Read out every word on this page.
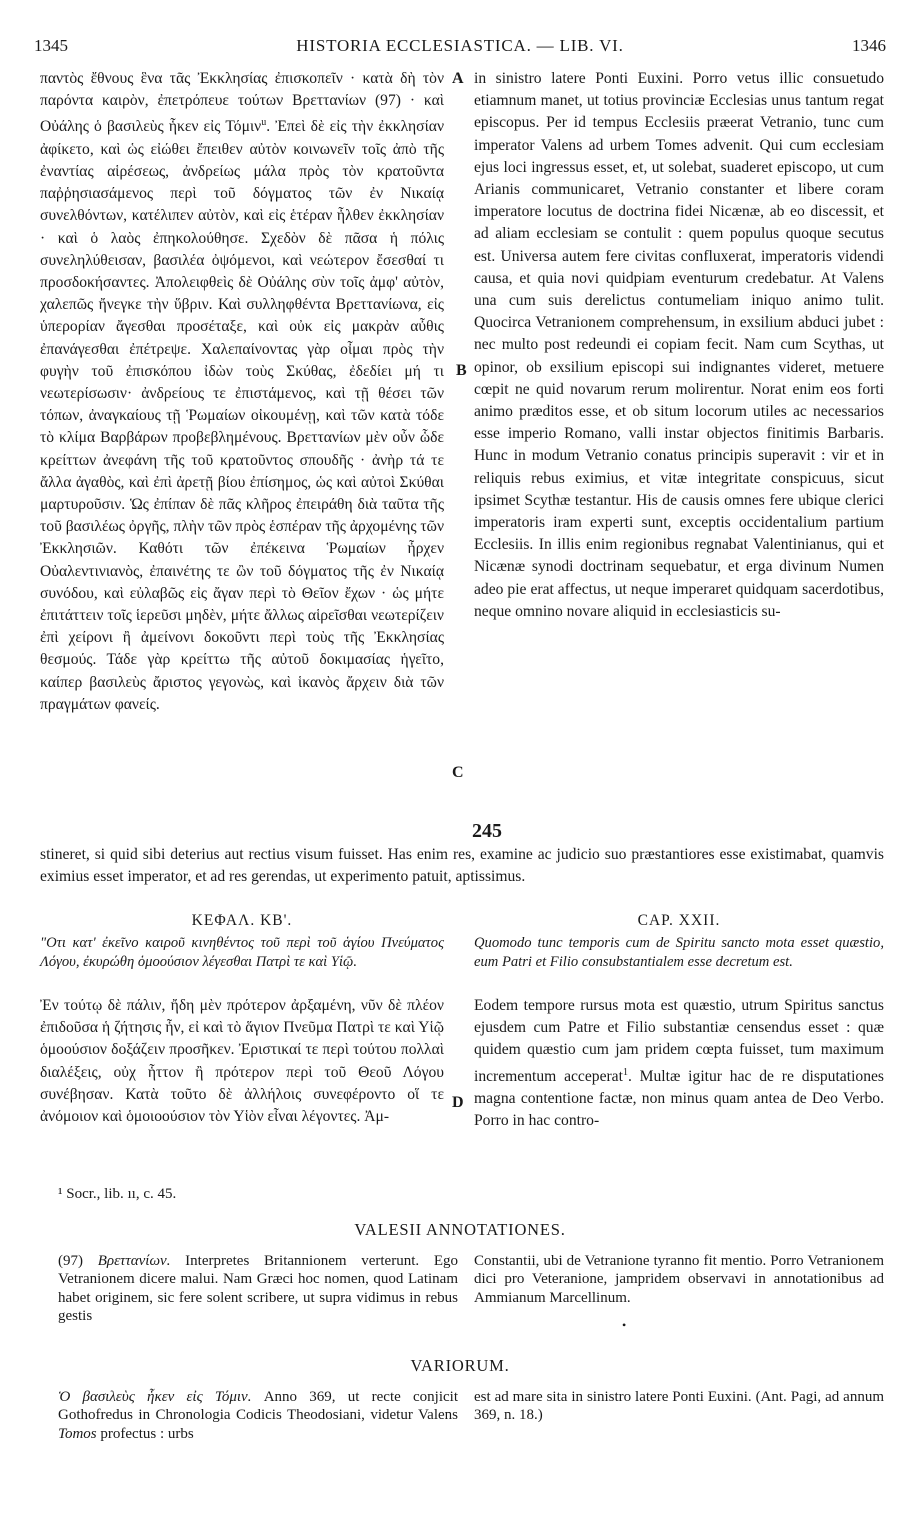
1345	HISTORIA ECCLESIASTICA. — LIB. VI.	1346

παντὸς ἔθνους ἓνα τᾶς Ἐκκλησίας ἐπισκοπεῖν · κατὰ δὴ τὸν παρόντα καιρὸν, ἐπετρόπευε τούτων Βρεττανίων (97) · καὶ Οὐάλης ὁ βασιλεὺς ἧκεν εἰς Τόμιν$^u$. Ἐπεὶ δὲ εἰς τὴν ἐκκλησίαν ἀφίκετο, καὶ ὡς εἰώθει ἔπειθεν αὐτὸν κοινωνεῖν τοῖς ἀπὸ τῆς ἐναντίας αἱρέσεως, ἀνδρείως μάλα πρὸς τὸν κρατοῦντα παῤῥησιασάμενος περὶ τοῦ δόγματος τῶν ἐν Νικαίᾳ συνελθόντων, κατέλιπεν αὐτὸν, καὶ εἰς ἑτέραν ἦλθεν ἐκκλησίαν · καὶ ὁ λαὸς ἐπηκολούθησε. Σχεδὸν δὲ πᾶσα ἡ πόλις συνεληλύθεισαν, βασιλέα ὀψόμενοι, καὶ νεώτερον ἔσεσθαί τι προσδοκήσαντες. Ἀπολειφθεὶς δὲ Οὐάλης σὺν τοῖς ἀμφ' αὐτὸν, χαλεπῶς ἤνεγκε τὴν ὕβριν. Καὶ συλληφθέντα Βρεττανίωνα, εἰς ὑπερορίαν ἄγεσθαι προσέταξε, καὶ οὐκ εἰς μακρὰν αὖθις ἐπανάγεσθαι ἐπέτρεψε. Χαλεπαίνοντας γὰρ οἶμαι πρὸς τὴν φυγὴν τοῦ ἐπισκόπου ἰδὼν τοὺς Σκύθας, ἐδεδίει μή τι νεωτερίσωσιν· ἀνδρείους τε ἐπιστάμενος, καὶ τῇ θέσει τῶν τόπων, ἀναγκαίους τῇ Ῥωμαίων οἰκουμένῃ, καὶ τῶν κατὰ τόδε τὸ κλίμα Βαρβάρων προβεβλημένους. Βρεττανίων μὲν οὖν ὧδε κρείττων ἀνεφάνη τῆς τοῦ κρατοῦντος σπουδῆς · ἀνὴρ τά τε ἄλλα ἀγαθὸς, καὶ ἐπὶ ἀρετῇ βίου ἐπίσημος, ὡς καὶ αὐτοὶ Σκύθαι μαρτυροῦσιν. Ὡς ἐπίπαν δὲ πᾶς κλῆρος ἐπειράθη διὰ ταῦτα τῆς τοῦ βασιλέως ὀργῆς, πλὴν τῶν πρὸς ἑσπέραν τῆς ἀρχομένης τῶν Ἐκκλησιῶν. Καθότι τῶν ἐπέκεινα Ῥωμαίων ἦρχεν Οὐαλεντινιανὸς, ἐπαινέτης τε ὢν τοῦ δόγματος τῆς ἐν Νικαίᾳ συνόδου, καὶ εὐλαβῶς εἰς ἄγαν περὶ τὸ Θεῖον ἔχων · ὡς μήτε ἐπιτάττειν τοῖς ἱερεῦσι μηδὲν, μήτε ἄλλως αἱρεῖσθαι νεωτερίζειν ἐπὶ χείρονι ἢ ἀμείνονι δοκοῦντι περὶ τοὺς τῆς Ἐκκλησίας θεσμούς. Τάδε γὰρ κρείττω τῆς αὐτοῦ δοκιμασίας ἡγεῖτο, καίπερ βασιλεὺς ἄριστος γεγονὼς, καὶ ἱκανὸς ἄρχειν διὰ τῶν πραγμάτων φανείς.

A
B
C
D

in sinistro latere Ponti Euxini. Porro vetus illic consuetudo etiamnum manet, ut totius provinciæ Ecclesias unus tantum regat episcopus. Per id tempus Ecclesiis præerat Vetranio, tunc cum imperator Valens ad urbem Tomes advenit. Qui cum ecclesiam ejus loci ingressus esset, et, ut solebat, suaderet episcopo, ut cum Arianis communicaret, Vetranio constanter et libere coram imperatore locutus de doctrina fidei Nicænæ, ab eo discessit, et ad aliam ecclesiam se contulit : quem populus quoque secutus est. Universa autem fere civitas confluxerat, imperatoris videndi causa, et quia novi quidpiam eventurum credebatur. At Valens una cum suis derelictus contumeliam iniquo animo tulit. Quocirca Vetranionem comprehensum, in exsilium abduci jubet : nec multo post redeundi ei copiam fecit. Nam cum Scythas, ut opinor, ob exsilium episcopi sui indignantes videret, metuere cœpit ne quid novarum rerum molirentur. Norat enim eos forti animo præditos esse, et ob situm locorum utiles ac necessarios esse imperio Romano, valli instar objectos finitimis Barbaris. Hunc in modum Vetranio conatus principis superavit : vir et in reliquis rebus eximius, et vitæ integritate conspicuus, sicut ipsimet Scythæ testantur. His de causis omnes fere ubique clerici imperatoris iram experti sunt, exceptis occidentalium partium Ecclesiis. In illis enim regionibus regnabat Valentinianus, qui et Nicænæ synodi doctrinam sequebatur, et erga divinum Numen adeo pie erat affectus, ut neque imperaret quidquam sacerdotibus, neque omnino novare aliquid in ecclesiasticis su-

245

stineret, si quid sibi deterius aut rectius visum fuisset. Has enim res, examine ac judicio suo præstantiores esse existimabat, quamvis eximius esset imperator, et ad res gerendas, ut experimento patuit, aptissimus.

ΚΕΦΑΛ. ΚΒ'.	CAP. XXII.
"Οτι κατ' ἐκεῖνο καιροῦ κινηθέντος τοῦ περὶ τοῦ ἁγίου Πνεύματος Λόγου, ἐκυρώθη ὁμοούσιον λέγεσθαι Πατρὶ τε καὶ Υἱῷ.
Quomodo tunc temporis cum de Spiritu sancto mota esset quæstio, eum Patri et Filio consubstantialem esse decretum est.

Ἐν τούτῳ δὲ πάλιν, ἤδη μὲν πρότερον ἀρξαμένη, νῦν δὲ πλέον ἐπιδοῦσα ἡ ζήτησις ἦν, εἰ καὶ τὸ ἅγιον Πνεῦμα Πατρὶ τε καὶ Υἱῷ ὁμοούσιον δοξάζειν προσῆκεν. Ἐριστικαί τε περὶ τούτου πολλαὶ διαλέξεις, οὐχ ἧττον ἢ πρότερον περὶ τοῦ Θεοῦ Λόγου συνέβησαν. Κατὰ τοῦτο δὲ ἀλλήλοις συνεφέροντο οἵ τε ἀνόμοιον καὶ ὁμοιοούσιον τὸν Υἱὸν εἶναι λέγοντες. Ἀμ-

Eodem tempore rursus mota est quæstio, utrum Spiritus sanctus ejusdem cum Patre et Filio substantiæ censendus esset : quæ quidem quæstio cum jam pridem cœpta fuisset, tum maximum incrementum acceperat$^1$. Multæ igitur hac de re disputationes magna contentione factæ, non minus quam antea de Deo Verbo. Porro in hac contro-

¹ Socr., lib. ıı, c. 45.
VALESII ANNOTATIONES.

(97) Βρεττανίων. Interpretes Britannionem verterunt. Ego Vetranionem dicere malui. Nam Græci hoc nomen, quod Latinam habet originem, sic fere solent scribere, ut supra vidimus in rebus gestis

Constantii, ubi de Vetranione tyranno fit mentio. Porro Vetranionem dici pro Veteranione, jampridem observavi in annotationibus ad Ammianum Marcellinum.

•
VARIORUM.

Ὁ βασιλεὺς ἧκεν εἰς Τόμιν. Anno 369, ut recte conjicit Gothofredus in Chronologia Codicis Theodosiani, videtur Valens Tomos profectus : urbs

est ad mare sita in sinistro latere Ponti Euxini. (Ant. Pagi, ad annum 369, n. 18.)
